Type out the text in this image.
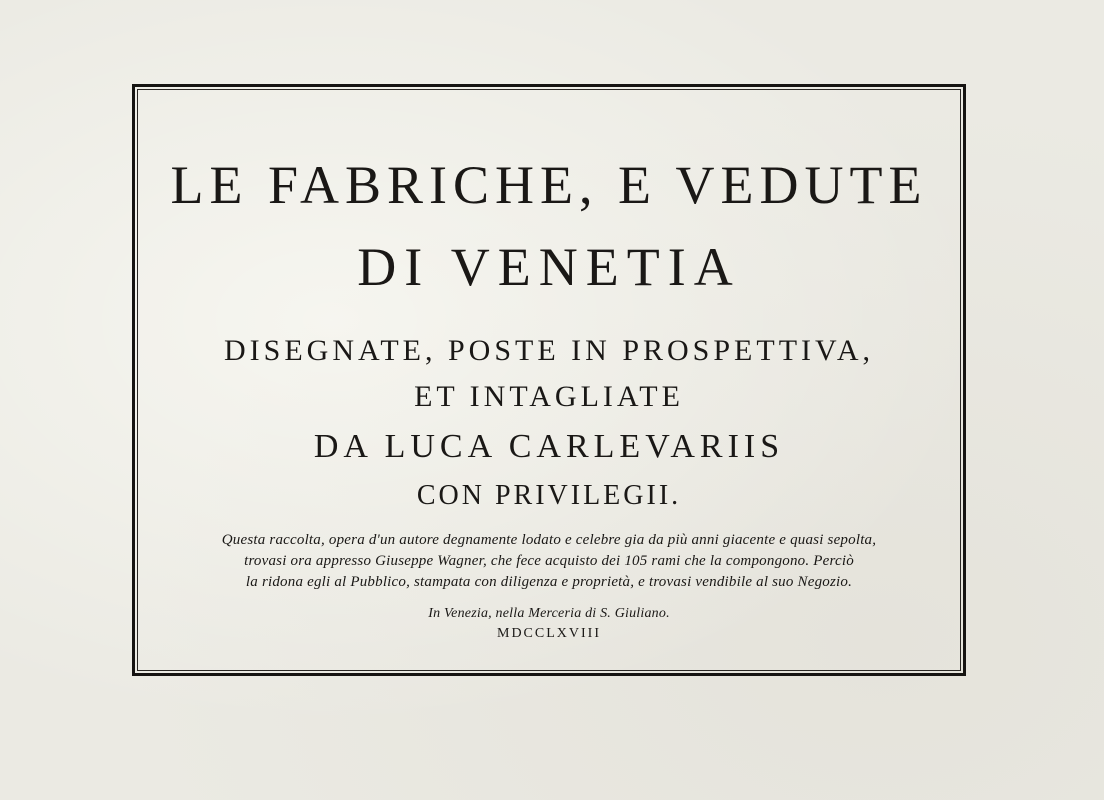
LE FABRICHE, E VEDUTE
DI VENETIA
DISEGNATE, POSTE IN PROSPETTIVA,
ET INTAGLIATE
DA LUCA CARLEVARIIS
CON PRIVILEGII.
Questa raccolta, opera d'un autore degnamente lodato e celebre gia da più anni giacente e quasi sepolta,
trovasi ora appresso Giuseppe Wagner, che fece acquisto dei 105 rami che la compongono. Perciò
la ridona egli al Pubblico, stampata con diligenza e proprietà, e trovasi vendibile al suo Negozio.
In Venezia, nella Merceria di S. Giuliano.
MDCCLXVIII
